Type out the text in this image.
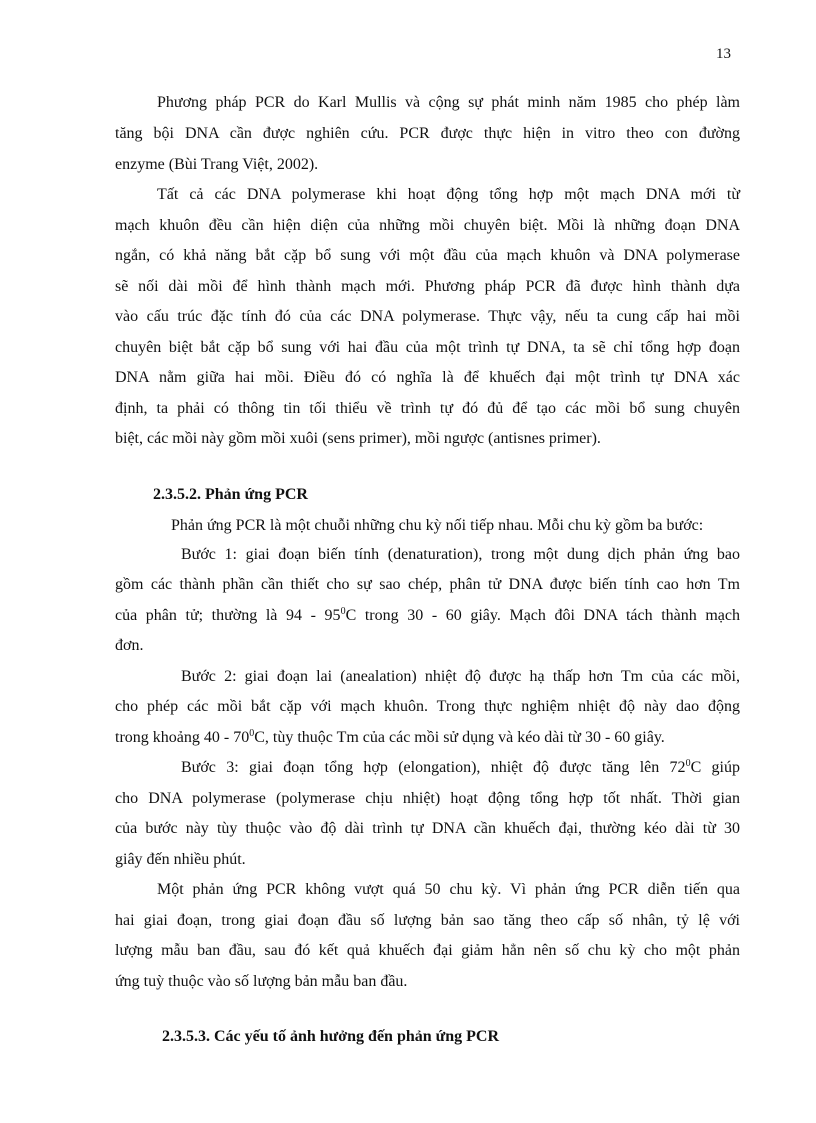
13
Phương pháp PCR do Karl Mullis và cộng sự phát minh năm 1985 cho phép làm
tăng bội DNA cần được nghiên cứu. PCR được thực hiện in vitro theo con đường
enzyme (Bùi Trang Việt, 2002).
Tất cả các DNA polymerase khi hoạt động tổng hợp một mạch DNA mới từ
mạch khuôn đều cần hiện diện của những mồi chuyên biệt. Mồi là những đoạn DNA
ngắn, có khả năng bắt cặp bổ sung với một đầu của mạch khuôn và DNA polymerase
sẽ nối dài mồi để hình thành mạch mới. Phương pháp PCR đã được hình thành dựa
vào cấu trúc đặc tính đó của các DNA polymerase. Thực vậy, nếu ta cung cấp hai mồi
chuyên biệt bắt cặp bổ sung với hai đầu của một trình tự DNA, ta sẽ chỉ tổng hợp đoạn
DNA nằm giữa hai mồi. Điều đó có nghĩa là để khuếch đại một trình tự DNA xác
định, ta phải có thông tin tối thiểu về trình tự đó đủ để tạo các mồi bổ sung chuyên
biệt, các mồi này gồm mồi xuôi (sens primer), mồi ngược (antisnes primer).
2.3.5.2. Phản ứng PCR
Phản ứng PCR là một chuỗi những chu kỳ nối tiếp nhau. Mỗi chu kỳ gồm ba bước:
Bước 1: giai đoạn biến tính (denaturation), trong một dung dịch phản ứng bao
gồm các thành phần cần thiết cho sự sao chép, phân tử DNA được biến tính cao hơn Tm
của phân tử; thường là $94 - 95^0C$ trong 30 - 60 giây. Mạch đôi DNA tách thành mạch
đơn.
Bước 2: giai đoạn lai (anealation) nhiệt độ được hạ thấp hơn Tm của các mồi,
cho phép các mồi bắt cặp với mạch khuôn. Trong thực nghiệm nhiệt độ này dao động
trong khoảng $40 - 70^0C$, tùy thuộc Tm của các mồi sử dụng và kéo dài từ 30 - 60 giây.
Bước 3: giai đoạn tổng hợp (elongation), nhiệt độ được tăng lên $72^0C$ giúp
cho DNA polymerase (polymerase chịu nhiệt) hoạt động tổng hợp tốt nhất. Thời gian
của bước này tùy thuộc vào độ dài trình tự DNA cần khuếch đại, thường kéo dài từ 30
giây đến nhiều phút.
Một phản ứng PCR không vượt quá 50 chu kỳ. Vì phản ứng PCR diễn tiến qua
hai giai đoạn, trong giai đoạn đầu số lượng bản sao tăng theo cấp số nhân, tỷ lệ với
lượng mẫu ban đầu, sau đó kết quả khuếch đại giảm hẳn nên số chu kỳ cho một phản
ứng tuỳ thuộc vào số lượng bản mẫu ban đầu.
2.3.5.3. Các yếu tố ảnh hưởng đến phản ứng PCR
